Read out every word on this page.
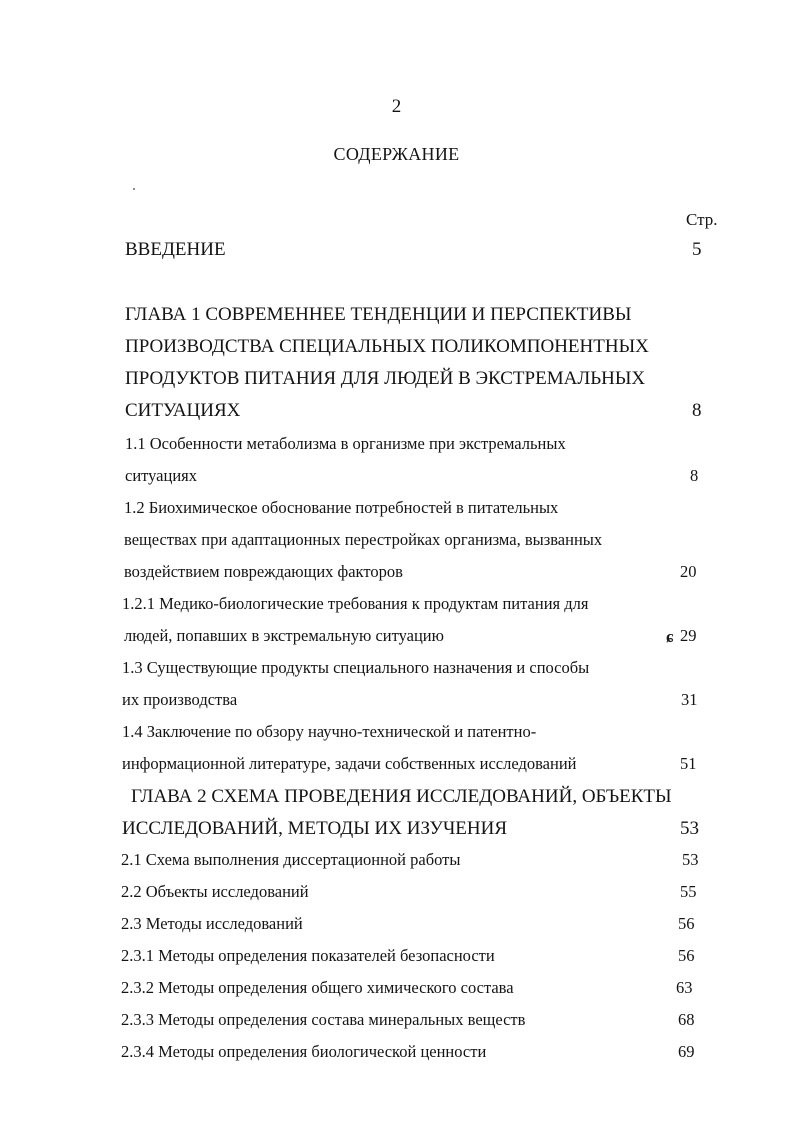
2
СОДЕРЖАНИЕ
Стр.
ВВЕДЕНИЕ	5
ГЛАВА 1 СОВРЕМЕННЕЕ ТЕНДЕНЦИИ И ПЕРСПЕКТИВЫ
ПРОИЗВОДСТВА СПЕЦИАЛЬНЫХ ПОЛИКОМПОНЕНТНЫХ
ПРОДУКТОВ ПИТАНИЯ ДЛЯ ЛЮДЕЙ В ЭКСТРЕМАЛЬНЫХ
СИТУАЦИЯХ	8
1.1 Особенности метаболизма в организме при экстремальных
ситуациях	8
1.2 Биохимическое обоснование потребностей в питательных
веществах при адаптационных перестройках организма, вызванных
воздействием повреждающих факторов	20
1.2.1 Медико-биологические требования к продуктам питания для
людей, попавших в экстремальную ситуацию	29
1.3 Существующие продукты специального назначения и способы
их производства	31
1.4 Заключение по обзору научно-технической и патентно-
информационной литературе, задачи собственных исследований	51
ГЛАВА 2 СХЕМА ПРОВЕДЕНИЯ ИССЛЕДОВАНИЙ, ОБЪЕКТЫ
ИССЛЕДОВАНИЙ, МЕТОДЫ ИХ ИЗУЧЕНИЯ	53
2.1 Схема выполнения диссертационной работы	53
2.2 Объекты исследований	55
2.3 Методы исследований	56
2.3.1 Методы определения показателей безопасности	56
2.3.2 Методы определения общего химического состава	63
2.3.3 Методы определения состава минеральных веществ	68
2.3.4 Методы определения биологической ценности	69
ɕ
